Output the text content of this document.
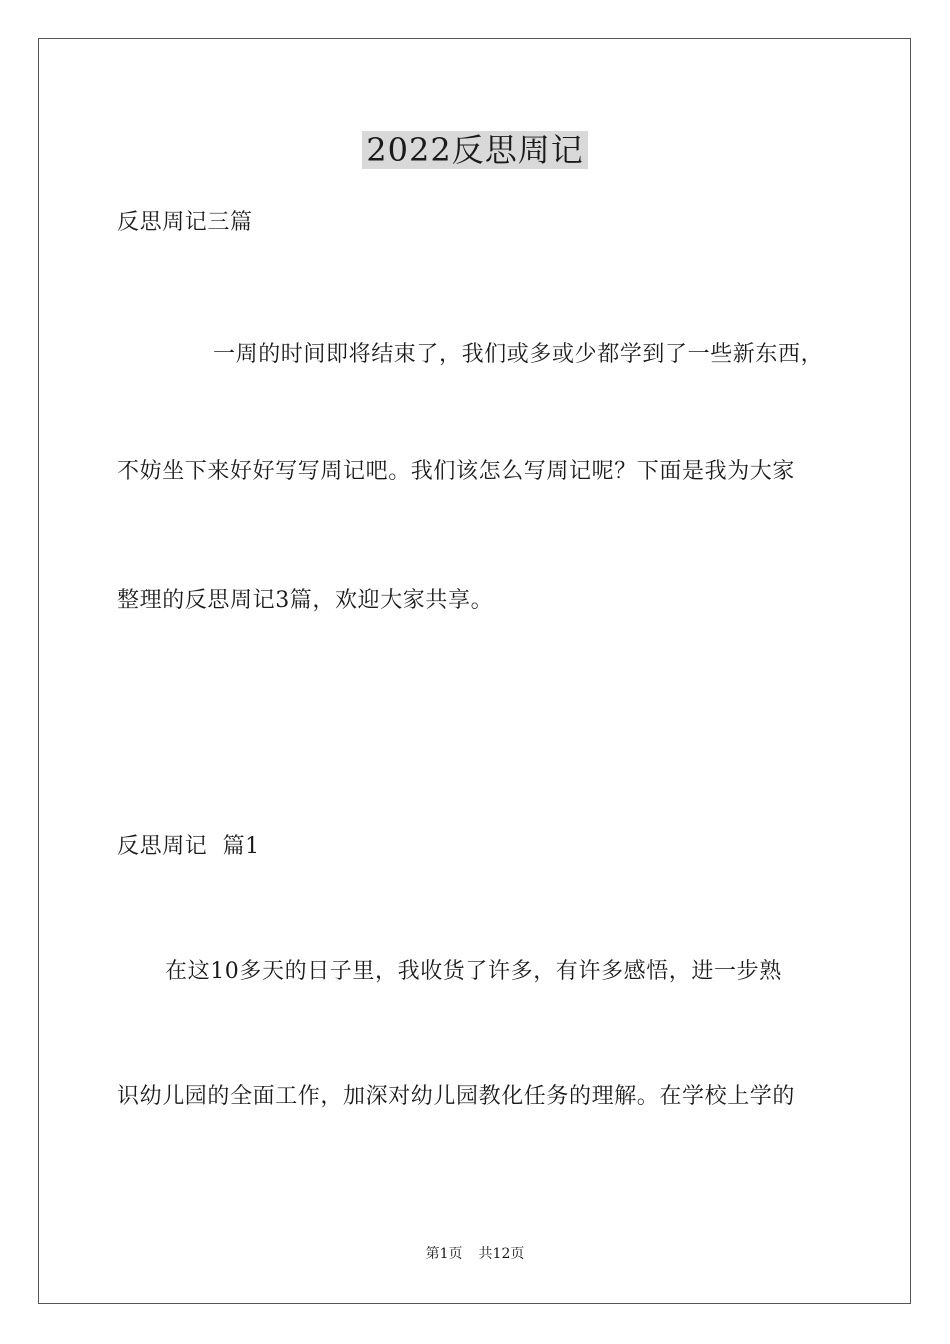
2022反思周记
反思周记三篇
一周的时间即将结束了，我们或多或少都学到了一些新东西，
不妨坐下来好好写写周记吧。我们该怎么写周记呢？下面是我为大家
整理的反思周记3篇，欢迎大家共享。
反思周记  篇1
在这10多天的日子里，我收货了许多，有许多感悟，进一步熟
识幼儿园的全面工作，加深对幼儿园教化任务的理解。在学校上学的
第1页 共12页
